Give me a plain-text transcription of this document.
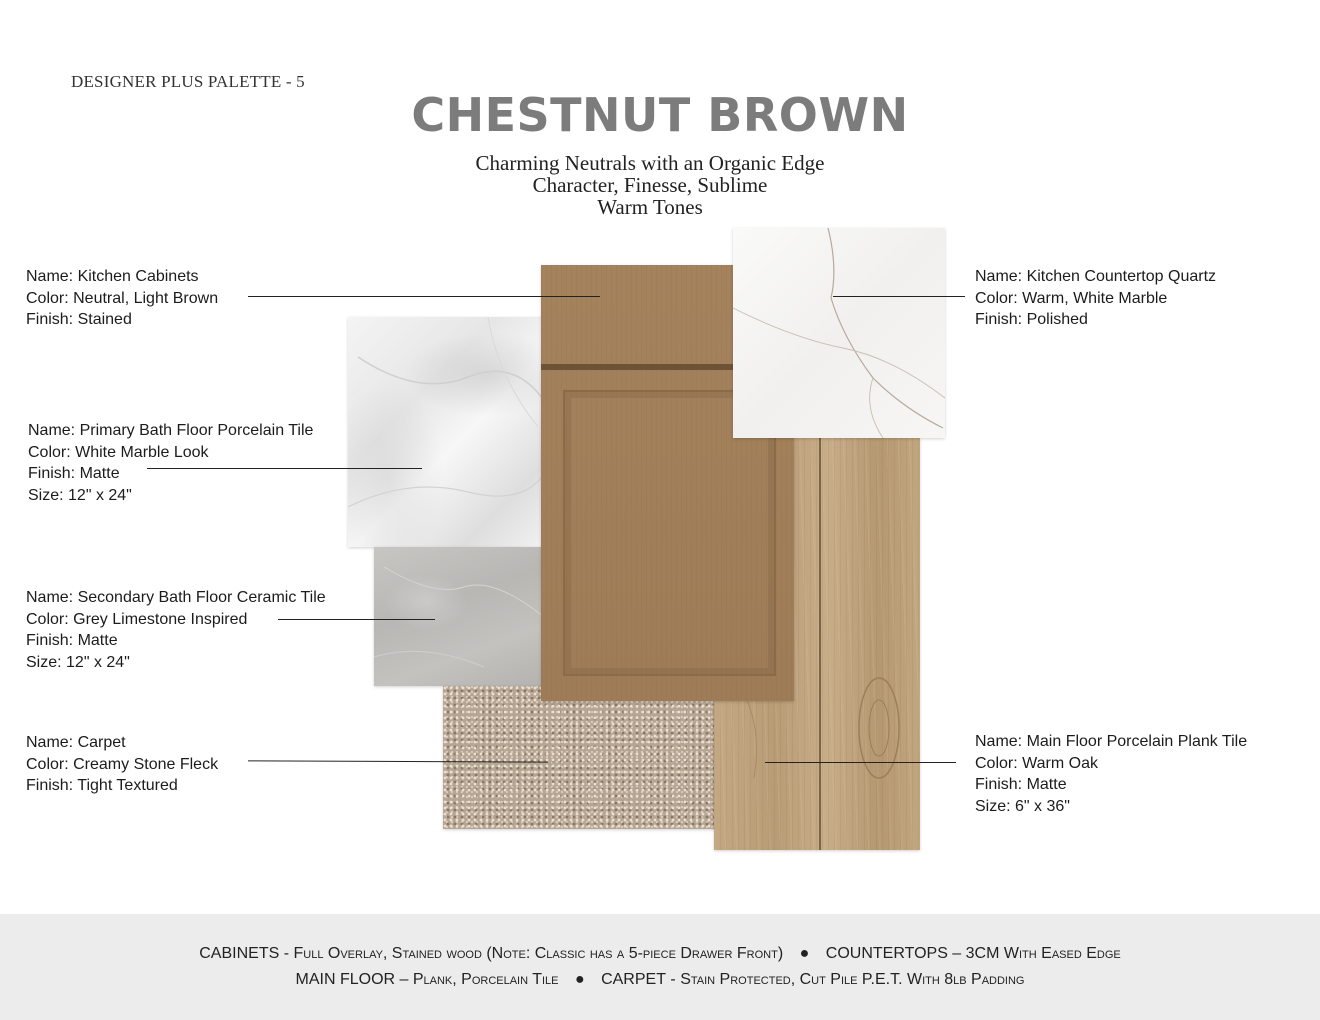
DESIGNER PLUS PALETTE - 5
CHESTNUT BROWN
Charming Neutrals with an Organic Edge
Character, Finesse, Sublime
Warm Tones
Name: Kitchen Cabinets
Color: Neutral, Light Brown
Finish: Stained
Name: Kitchen Countertop Quartz
Color: Warm, White Marble
Finish: Polished
Name: Primary Bath Floor Porcelain Tile
Color: White Marble Look
Finish: Matte
Size: 12" x 24"
Name: Secondary Bath Floor Ceramic Tile
Color: Grey Limestone Inspired
Finish: Matte
Size: 12" x 24"
Name: Carpet
Color: Creamy Stone Fleck
Finish: Tight Textured
Name: Main Floor Porcelain Plank Tile
Color: Warm Oak
Finish: Matte
Size: 6" x 36"
CABINETS - Full Overlay, Stained wood (Note: Classic has a 5-piece Drawer Front) ● COUNTERTOPS – 3CM With Eased Edge
MAIN FLOOR – Plank, Porcelain Tile ● CARPET - Stain Protected, Cut Pile P.E.T. With 8lb Padding
